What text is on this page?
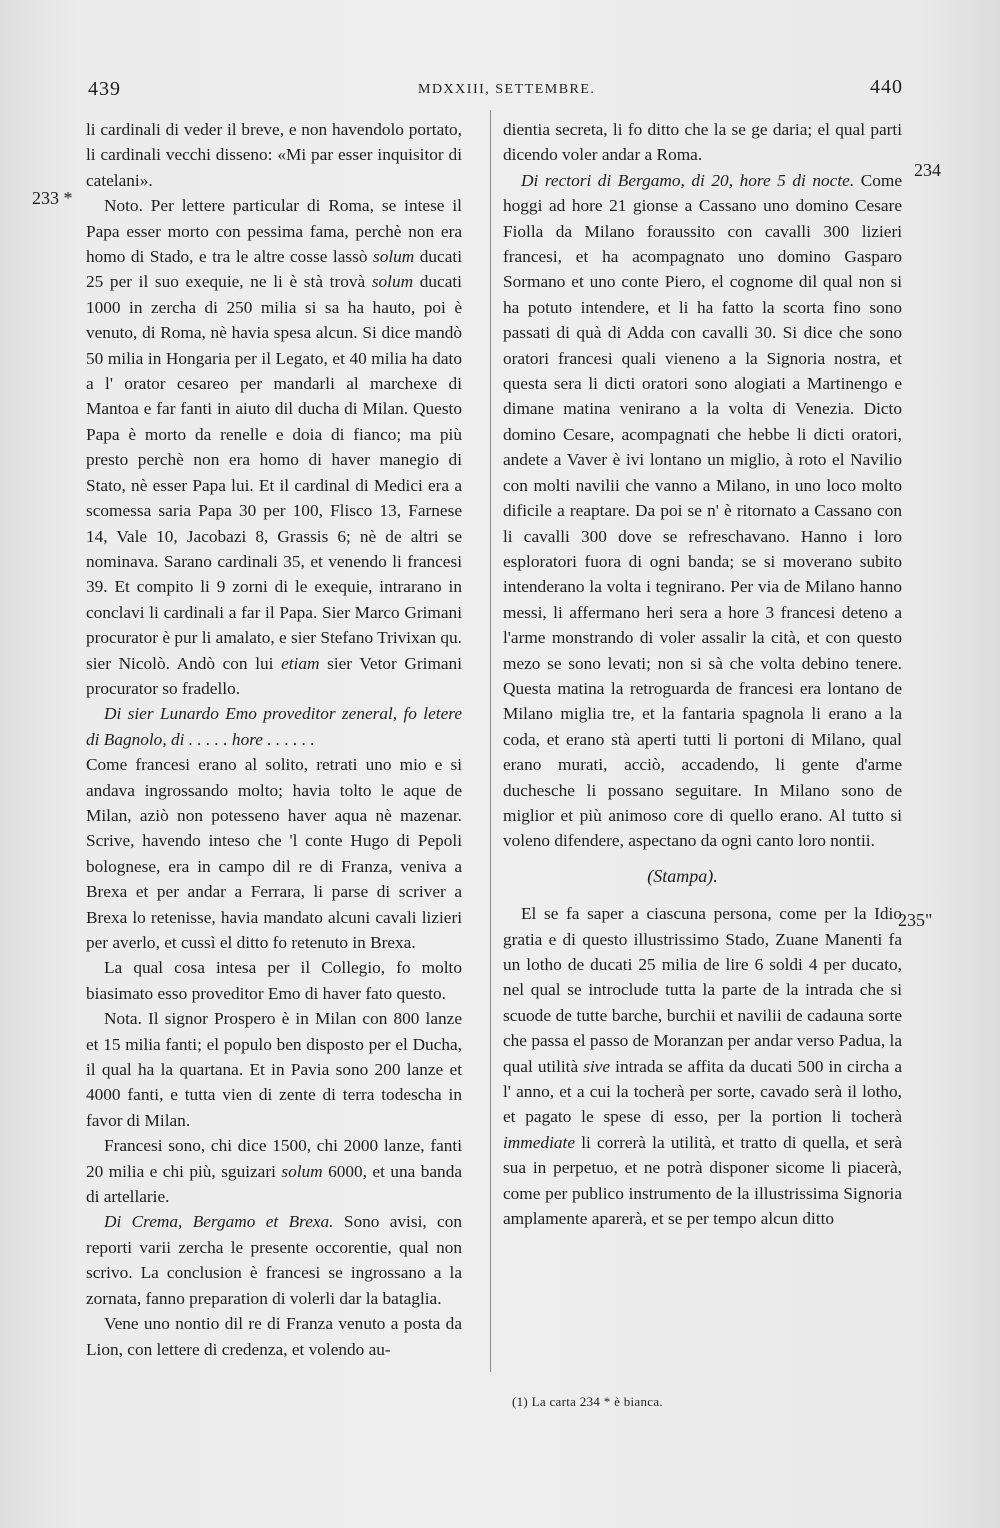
439	MDXXIII, SETTEMBRE.	440
233 *
234
235"

li cardinali di veder il breve, e non havendolo portato, li cardinali vecchi disseno: «Mi par esser inquisitor di catelani».

Noto. Per lettere particular di Roma, se intese il Papa esser morto con pessima fama, perchè non era homo di Stado, e tra le altre cosse lassò solum ducati 25 per il suo exequie, ne li è stà trovà solum ducati 1000 in zercha di 250 milia si sa ha hauto, poi è venuto, di Roma, nè havia spesa alcun. Si dice mandò 50 milia in Hongaria per il Legato, et 40 milia ha dato a l' orator cesareo per mandarli al marchexe di Mantoa e far fanti in aiuto dil ducha di Milan. Questo Papa è morto da renelle e doia di fianco; ma più presto perchè non era homo di haver manegio di Stato, nè esser Papa lui. Et il cardinal di Medici era a scomessa saria Papa 30 per 100, Flisco 13, Farnese 14, Vale 10, Jacobazi 8, Grassis 6; nè de altri se nominava. Sarano cardinali 35, et venendo li francesi 39. Et compito li 9 zorni di le exequie, intrarano in conclavi li cardinali a far il Papa. Sier Marco Grimani procurator è pur li amalato, e sier Stefano Trivixan qu. sier Nicolò. Andò con lui etiam sier Vetor Grimani procurator so fradello.

Di sier Lunardo Emo proveditor zeneral, fo letere di Bagnolo, di . . . . . hore . . . . . .

Come francesi erano al solito, retrati uno mio e si andava ingrossando molto; havia tolto le aque de Milan, aziò non potesseno haver aqua nè mazenar. Scrive, havendo inteso che 'l conte Hugo di Pepoli bolognese, era in campo dil re di Franza, veniva a Brexa et per andar a Ferrara, li parse di scriver a Brexa lo retenisse, havia mandato alcuni cavali lizieri per averlo, et cussì el ditto fo retenuto in Brexa.

La qual cosa intesa per il Collegio, fo molto biasimato esso proveditor Emo di haver fato questo.

Nota. Il signor Prospero è in Milan con 800 lanze et 15 milia fanti; el populo ben disposto per el Ducha, il qual ha la quartana. Et in Pavia sono 200 lanze et 4000 fanti, e tutta vien di zente di terra todescha in favor di Milan.

Francesi sono, chi dice 1500, chi 2000 lanze, fanti 20 milia e chi più, sguizari solum 6000, et una banda di artellarie.

Di Crema, Bergamo et Brexa. Sono avisi, con reporti varii zercha le presente occorentie, qual non scrivo. La conclusion è francesi se ingrossano a la zornata, fanno preparation di volerli dar la bataglia.

Vene uno nontio dil re di Franza venuto a posta da Lion, con lettere di credenza, et volendo au-

dientia secreta, li fo ditto che la se ge daria; el qual parti dicendo voler andar a Roma.

Di rectori di Bergamo, di 20, hore 5 di nocte. Come hoggi ad hore 21 gionse a Cassano uno domino Cesare Fiolla da Milano foraussito con cavalli 300 lizieri francesi, et ha acompagnato uno domino Gasparo Sormano et uno conte Piero, el cognome dil qual non si ha potuto intendere, et li ha fatto la scorta fino sono passati di quà di Adda con cavalli 30. Si dice che sono oratori francesi quali vieneno a la Signoria nostra, et questa sera li dicti oratori sono alogiati a Martinengo e dimane matina venirano a la volta di Venezia. Dicto domino Cesare, acompagnati che hebbe li dicti oratori, andete a Vaver è ivi lontano un miglio, à roto el Navilio con molti navilii che vanno a Milano, in uno loco molto dificile a reaptare. Da poi se n' è ritornato a Cassano con li cavalli 300 dove se refreschavano. Hanno i loro esploratori fuora di ogni banda; se si moverano subito intenderano la volta i tegnirano. Per via de Milano hanno messi, li affermano heri sera a hore 3 francesi deteno a l'arme monstrando di voler assalir la cità, et con questo mezo se sono levati; non si sà che volta debino tenere. Questa matina la retroguarda de francesi era lontano de Milano miglia tre, et la fantaria spagnola li erano a la coda, et erano stà aperti tutti li portoni di Milano, qual erano murati, acciò, accadendo, li gente d'arme duchesche li possano seguitare. In Milano sono de miglior et più animoso core di quello erano. Al tutto si voleno difendere, aspectano da ogni canto loro nontii.

(Stampa).

El se fa saper a ciascuna persona, come per la Idio gratia e di questo illustrissimo Stado, Zuane Manenti fa un lotho de ducati 25 milia de lire 6 soldi 4 per ducato, nel qual se introclude tutta la parte de la intrada che si scuode de tutte barche, burchii et navilii de cadauna sorte che passa el passo de Moranzan per andar verso Padua, la qual utilità sive intrada se affita da ducati 500 in circha a l' anno, et a cui la tocherà per sorte, cavado serà il lotho, et pagato le spese di esso, per la portion li tocherà immediate li correrà la utilità, et tratto di quella, et serà sua in perpetuo, et ne potrà disponer sicome li piacerà, come per publico instrumento de la illustrissima Signoria amplamente aparerà, et se per tempo alcun ditto

(1) La carta 234 * è bianca.
